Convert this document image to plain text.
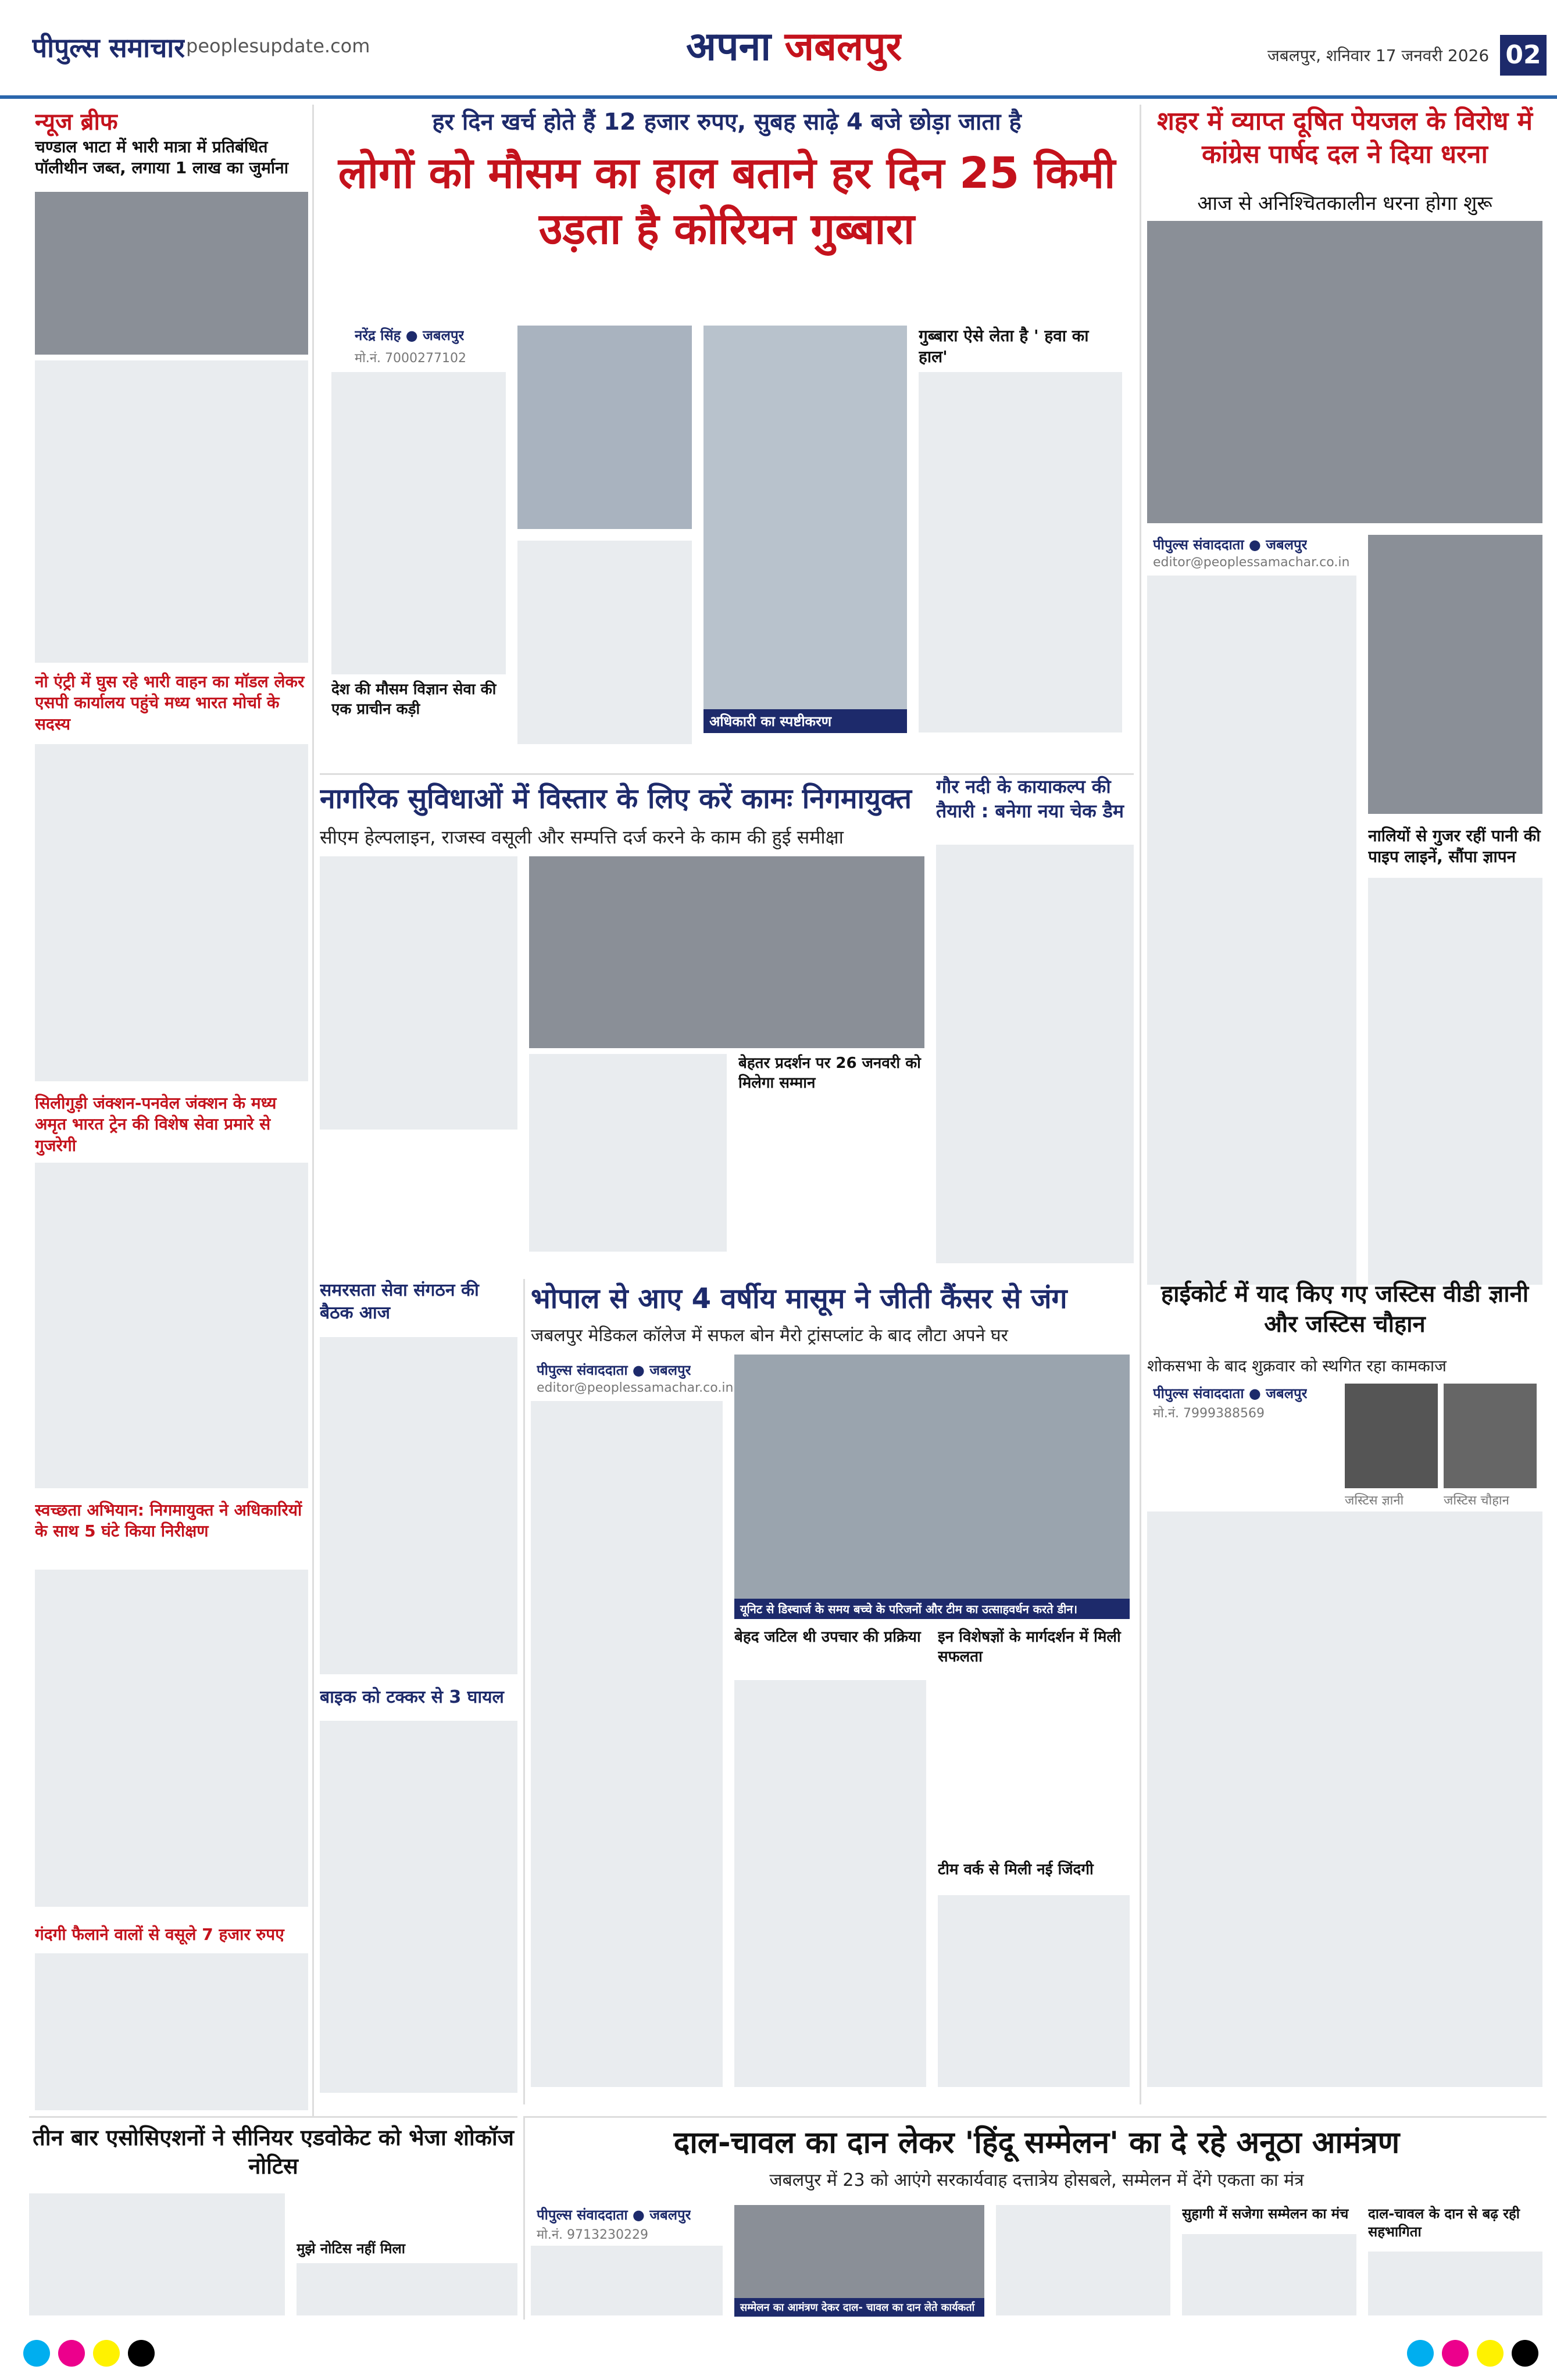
पीपुल्स समाचार peoplesupdate.com	अपना जबलपुर	जबलपुर, शनिवार 17 जनवरी 2026 02
न्यूज ब्रीफ
चण्डाल भाटा में भारी मात्रा में प्रतिबंधित पॉलीथीन जब्त, लगाया 1 लाख का जुर्माना
नो एंट्री में घुस रहे भारी वाहन का मॉडल लेकर एसपी कार्यालय पहुंचे मध्य भारत मोर्चा के सदस्य
सिलीगुड़ी जंक्शन-पनवेल जंक्शन के मध्य अमृत भारत ट्रेन की विशेष सेवा प्रमारे से गुजरेगी
स्वच्छता अभियान: निगमायुक्त ने अधिकारियों के साथ 5 घंटे किया निरीक्षण
गंदगी फैलाने वालों से वसूले 7 हजार रुपए
हर दिन खर्च होते हैं 12 हजार रुपए, सुबह साढ़े 4 बजे छोड़ा जाता है
लोगों को मौसम का हाल बताने हर दिन 25 किमी उड़ता है कोरियन गुब्बारा
नरेंद्र सिंह ● जबलपुर
मो.नं. 7000277102
देश की मौसम विज्ञान सेवा की एक प्राचीन कड़ी
अधिकारी का स्पष्टीकरण
गुब्बारा ऐसे लेता है ' हवा का हाल'
शहर में व्याप्त दूषित पेयजल के विरोध में कांग्रेस पार्षद दल ने दिया धरना
आज से अनिश्चितकालीन धरना होगा शुरू
पीपुल्स संवाददाता ● जबलपुर
editor@peoplessamachar.co.in
नालियों से गुजर रहीं पानी की पाइप लाइनें, सौंपा ज्ञापन
नागरिक सुविधाओं में विस्तार के लिए करें कामः निगमायुक्त
सीएम हेल्पलाइन, राजस्व वसूली और सम्पत्ति दर्ज करने के काम की हुई समीक्षा
बेहतर प्रदर्शन पर 26 जनवरी को मिलेगा सम्मान
गौर नदी के कायाकल्प की तैयारी : बनेगा नया चेक डैम
समरसता सेवा संगठन की बैठक आज
बाइक को टक्कर से 3 घायल
भोपाल से आए 4 वर्षीय मासूम ने जीती कैंसर से जंग
जबलपुर मेडिकल कॉलेज में सफल बोन मैरो ट्रांसप्लांट के बाद लौटा अपने घर
पीपुल्स संवाददाता ● जबलपुर
editor@peoplessamachar.co.in
यूनिट से डिस्चार्ज के समय बच्चे के परिजनों और टीम का उत्साहवर्धन करते डीन।
बेहद जटिल थी उपचार की प्रक्रिया	इन विशेषज्ञों के मार्गदर्शन में मिली सफलता
टीम वर्क से मिली नई जिंदगी
हाईकोर्ट में याद किए गए जस्टिस वीडी ज्ञानी और जस्टिस चौहान
शोकसभा के बाद शुक्रवार को स्थगित रहा कामकाज
पीपुल्स संवाददाता ● जबलपुर
मो.नं. 7999388569
जस्टिस ज्ञानी	जस्टिस चौहान
तीन बार एसोसिएशनों ने सीनियर एडवोकेट को भेजा शोकॉज नोटिस
मुझे नोटिस नहीं मिला
दाल-चावल का दान लेकर 'हिंदू सम्मेलन' का दे रहे अनूठा आमंत्रण
जबलपुर में 23 को आएंगे सरकार्यवाह दत्तात्रेय होसबले, सम्मेलन में देंगे एकता का मंत्र
पीपुल्स संवाददाता ● जबलपुर
मो.नं. 9713230229
सम्मेलन का आमंत्रण देकर दाल- चावल का दान लेते कार्यकर्ता
सुहागी में सजेगा सम्मेलन का मंच	दाल-चावल के दान से बढ़ रही सहभागिता
